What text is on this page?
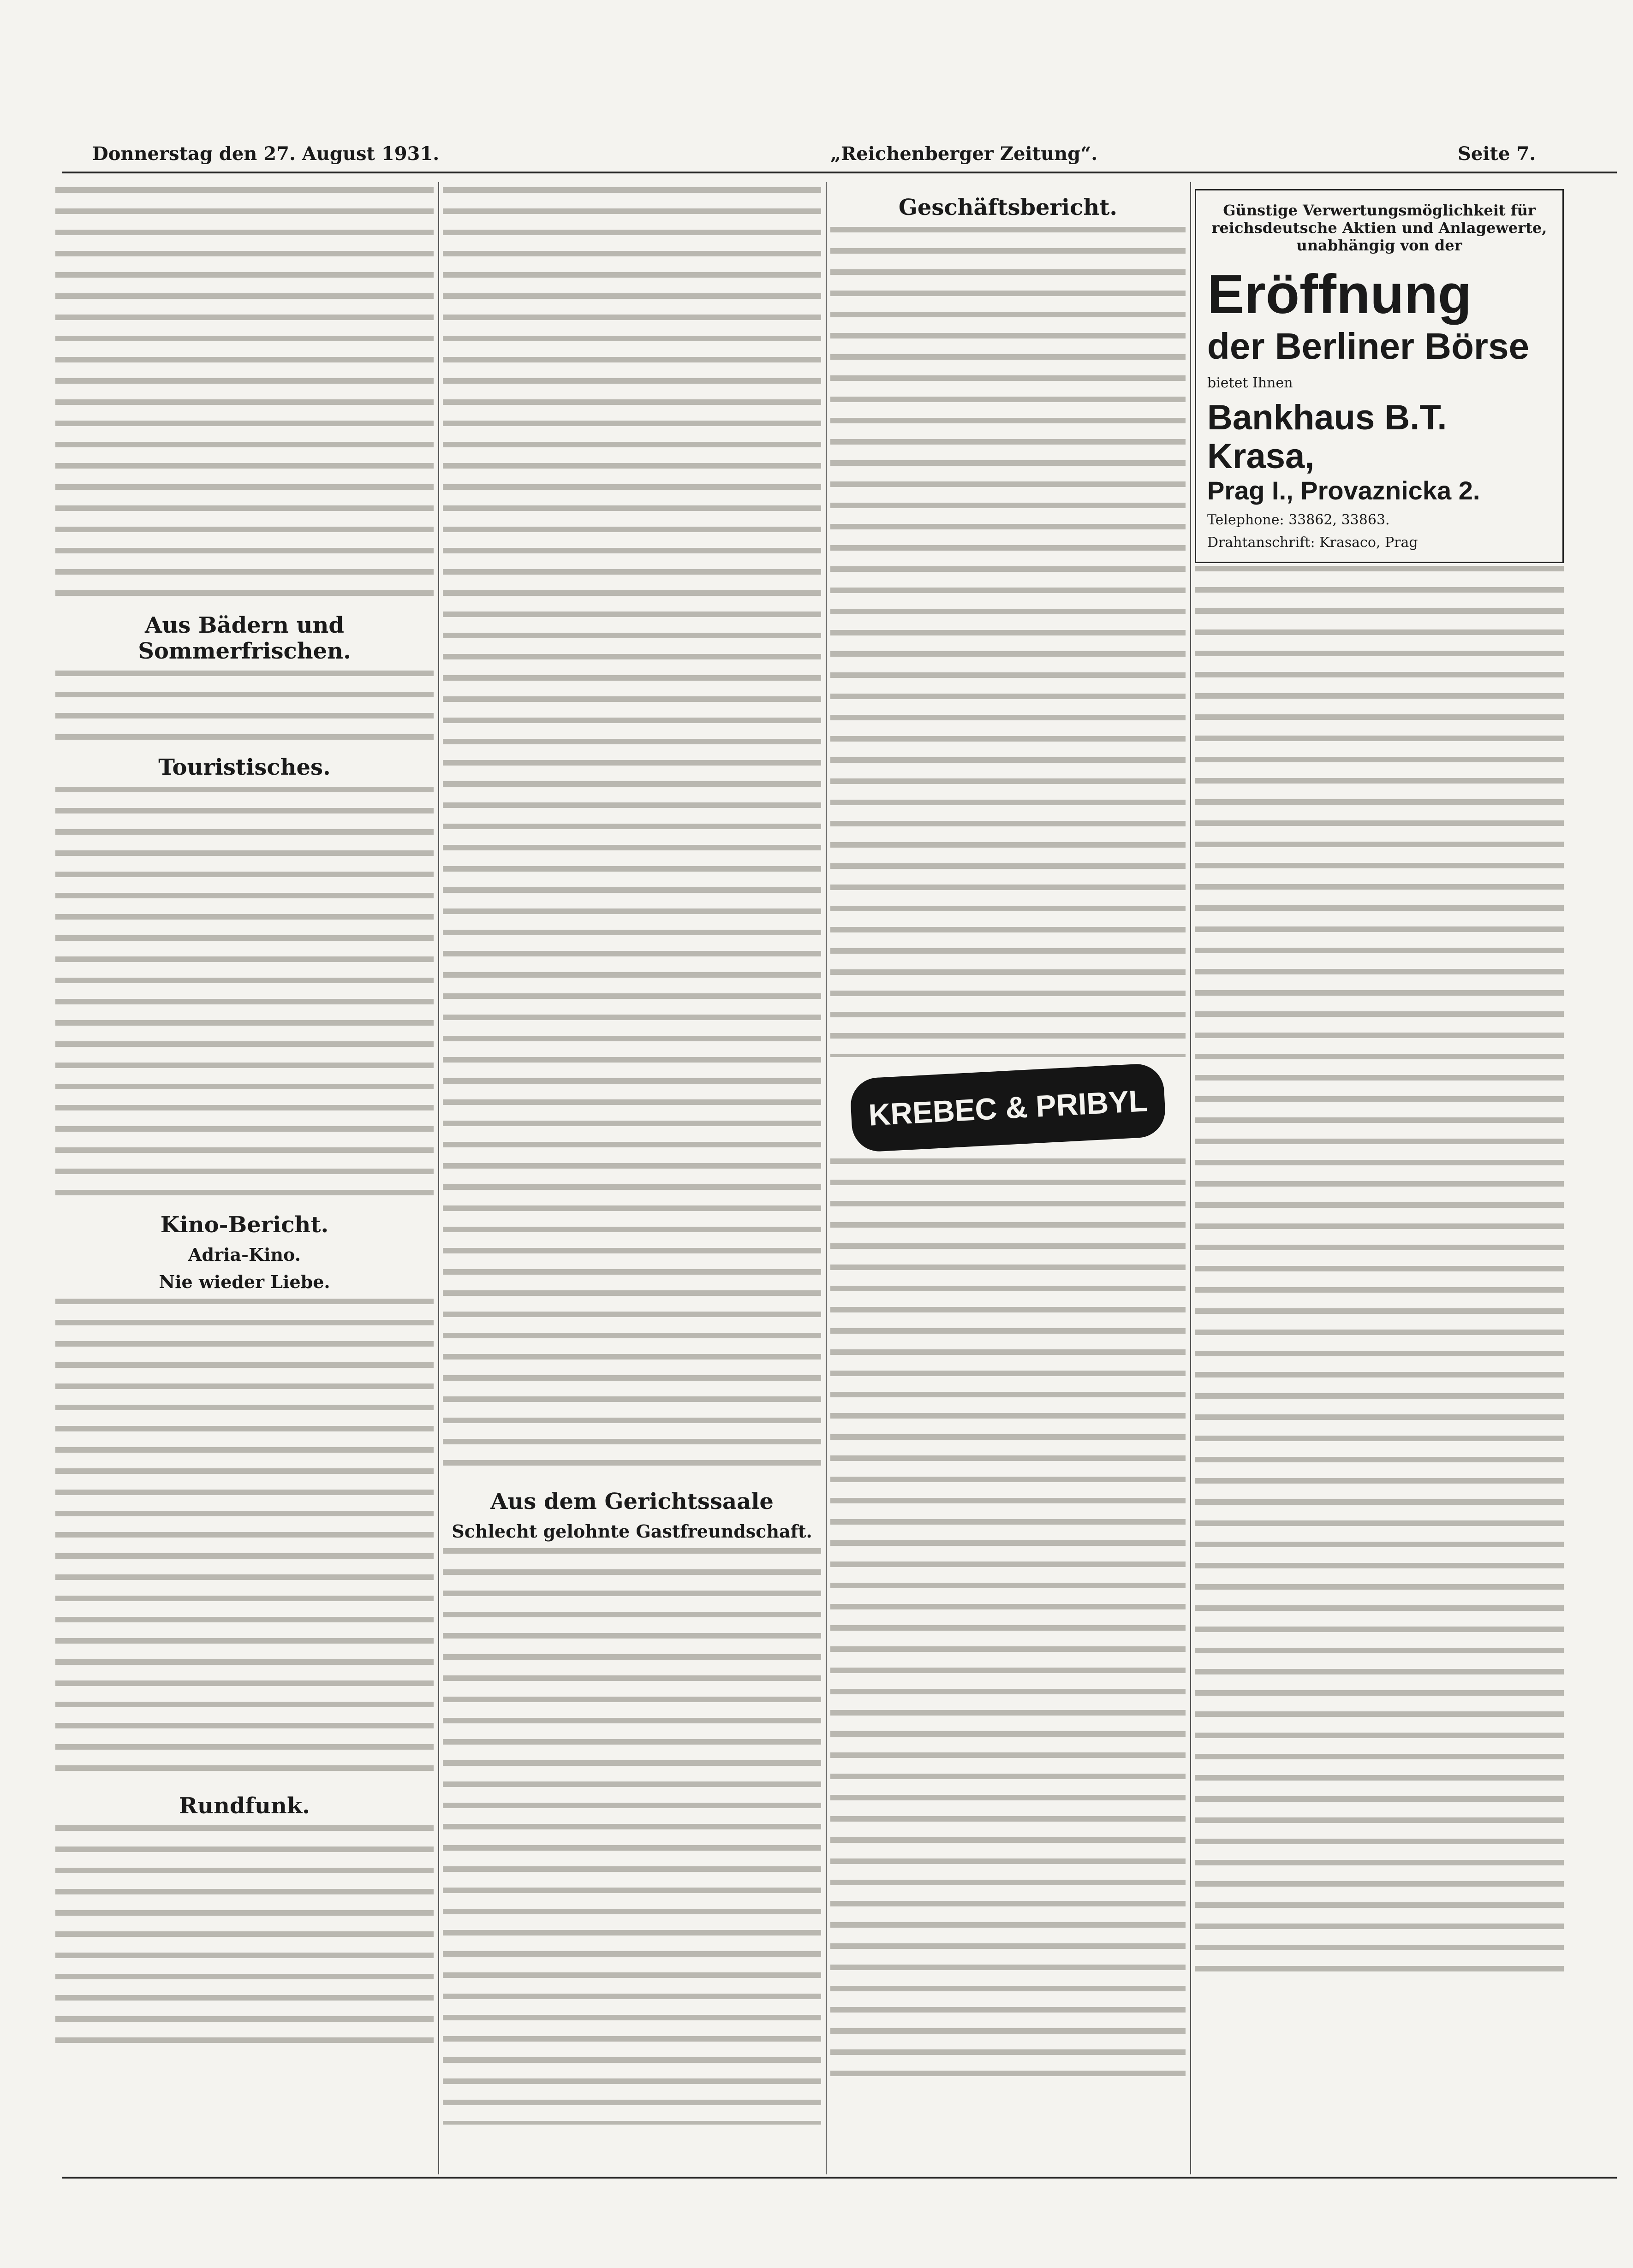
Donnerstag den 27. August 1931.	„Reichenberger Zeitung“.	Seite 7.
Aus Bädern und Sommerfrischen.
Touristisches.
Kino-Bericht.
Adria-Kino.
Nie wieder Liebe.
Rundfunk.
Aus dem Gerichtssaale
Schlecht gelohnte Gastfreundschaft.
Geschäftsbericht.
KREBEC & PRIBYL
Günstige Verwertungsmöglichkeit für reichsdeutsche Aktien und Anlagewerte, unabhängig von der
Eröffnung
der Berliner Börse
bietet Ihnen
Bankhaus B.T. Krasa,
Prag I., Provaznicka 2.
Telephone: 33862, 33863.
Drahtanschrift: Krasaco, Prag
